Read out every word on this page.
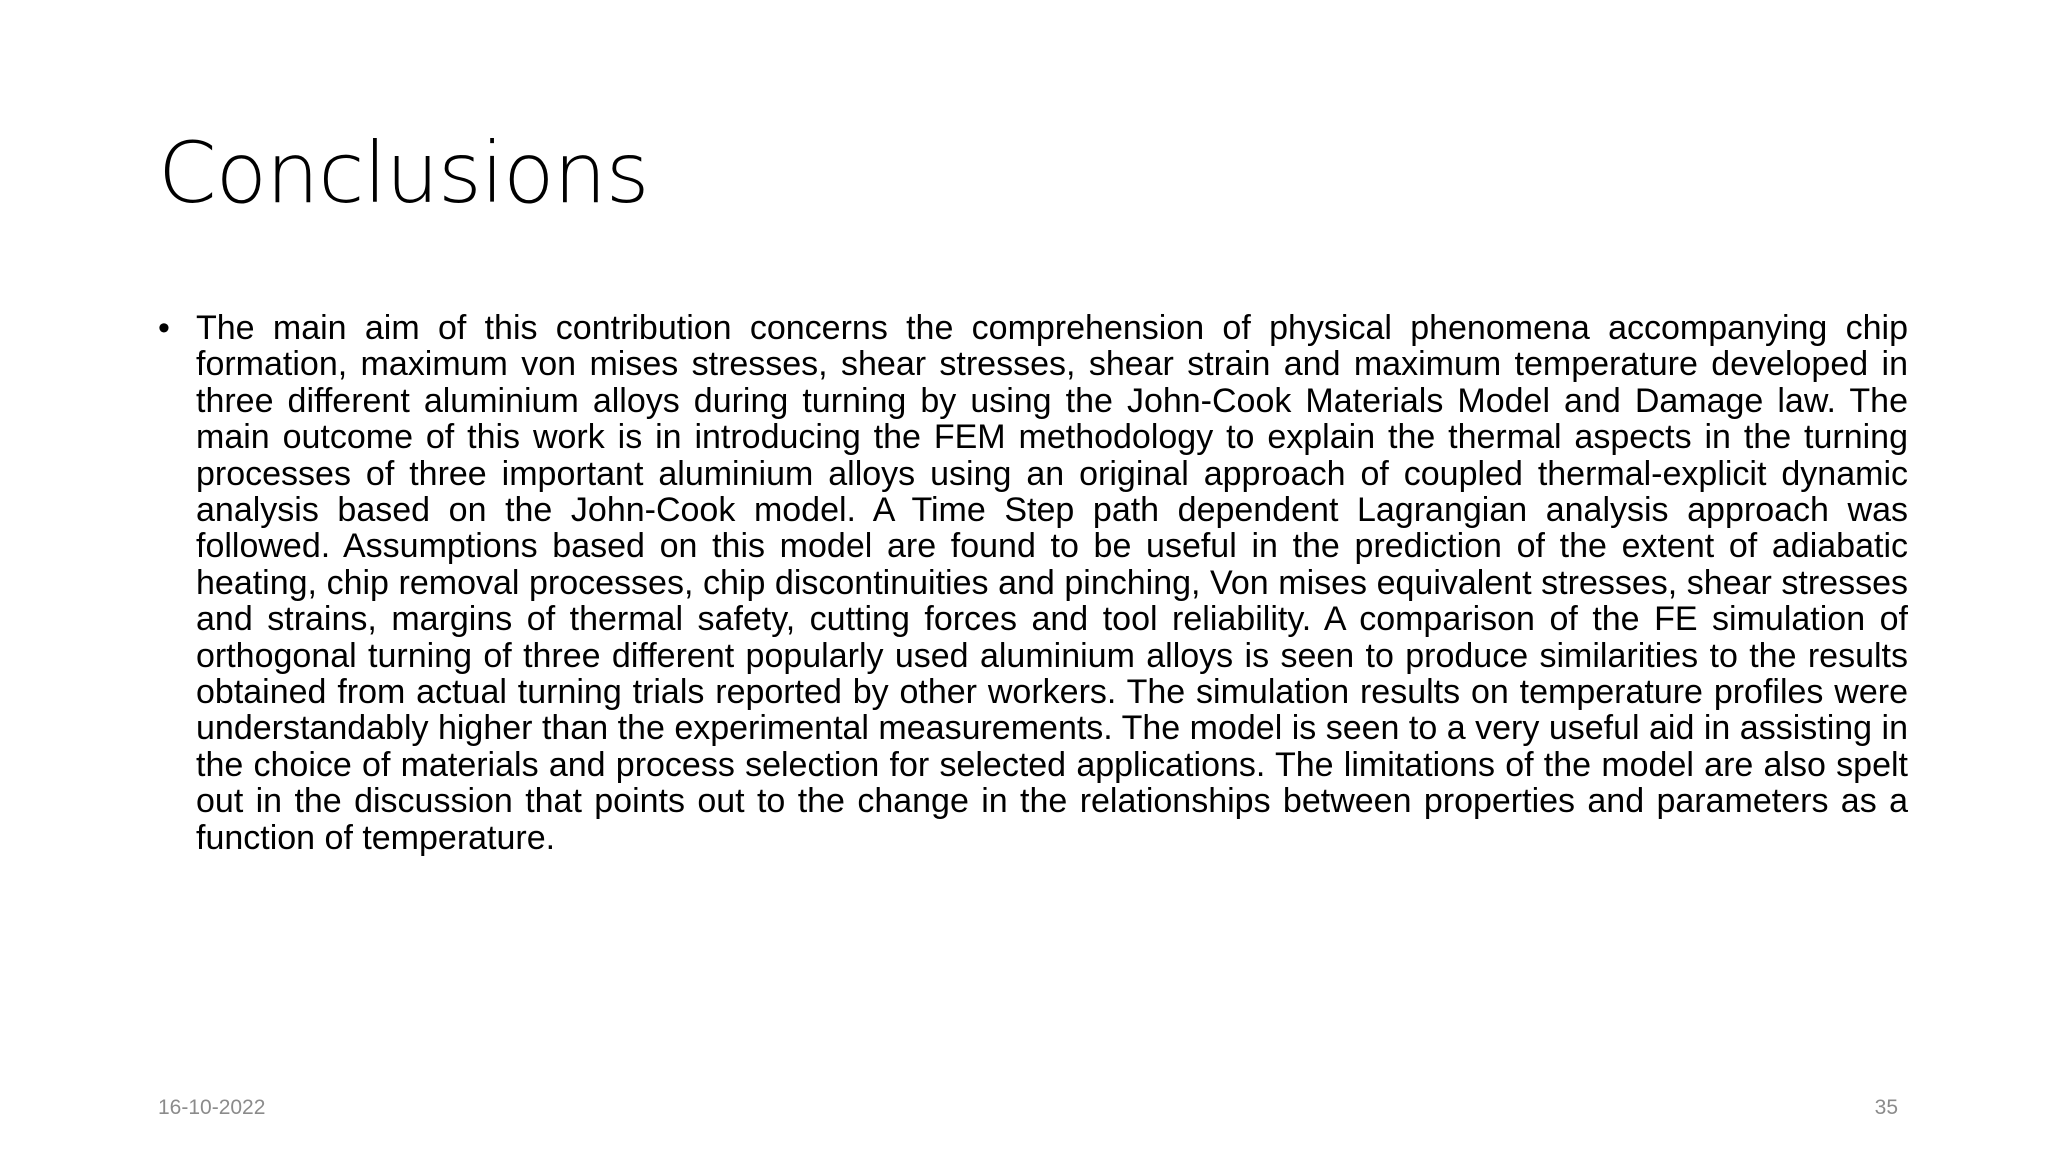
Conclusions
• The main aim of this contribution concerns the comprehension of physical phenomena accompanying chip formation, maximum von mises stresses, shear stresses, shear strain and maximum temperature developed in three different aluminium alloys during turning by using the John-Cook Materials Model and Damage law. The main outcome of this work is in introducing the FEM methodology to explain the thermal aspects in the turning processes of three important aluminium alloys using an original approach of coupled thermal-explicit dynamic analysis based on the John-Cook model. A Time Step path dependent Lagrangian analysis approach was followed. Assumptions based on this model are found to be useful in the prediction of the extent of adiabatic heating, chip removal processes, chip discontinuities and pinching, Von mises equivalent stresses, shear stresses and strains, margins of thermal safety, cutting forces and tool reliability. A comparison of the FE simulation of orthogonal turning of three different popularly used aluminium alloys is seen to produce similarities to the results obtained from actual turning trials reported by other workers. The simulation results on temperature profiles were understandably higher than the experimental measurements. The model is seen to a very useful aid in assisting in the choice of materials and process selection for selected applications. The limitations of the model are also spelt out in the discussion that points out to the change in the relationships between properties and parameters as a function of temperature.
16-10-2022	35
